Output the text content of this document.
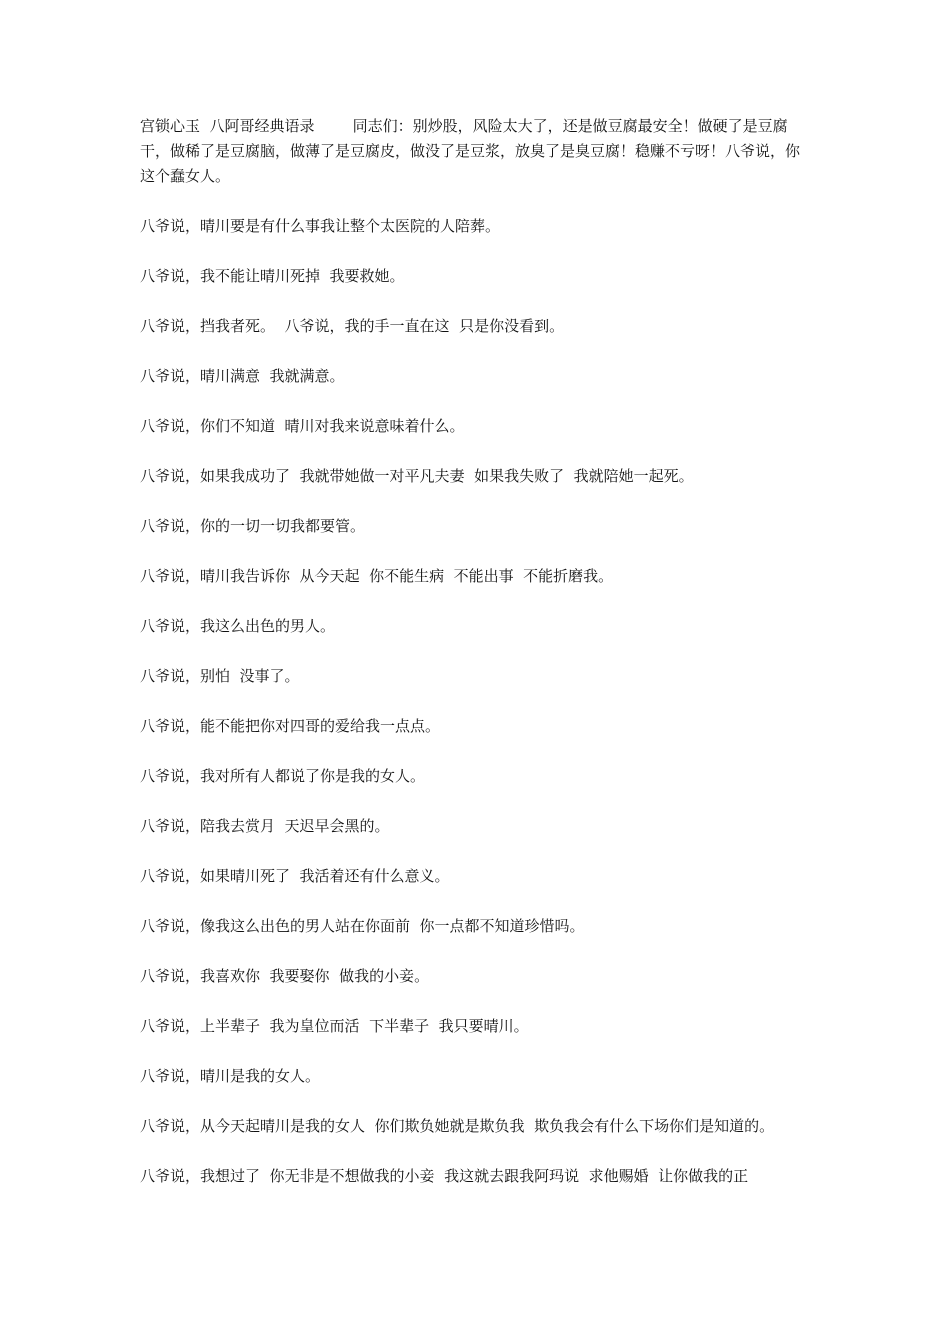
宫锁心玉  八阿哥经典语录        同志们：别炒股，风险太大了，还是做豆腐最安全！做硬了是豆腐干，做稀了是豆腐脑，做薄了是豆腐皮，做没了是豆浆，放臭了是臭豆腐！稳赚不亏呀！八爷说，你这个蠢女人。

八爷说，晴川要是有什么事我让整个太医院的人陪葬。

八爷说，我不能让晴川死掉  我要救她。

八爷说，挡我者死。  八爷说，我的手一直在这  只是你没看到。

八爷说，晴川满意  我就满意。

八爷说，你们不知道  晴川对我来说意味着什么。

八爷说，如果我成功了  我就带她做一对平凡夫妻  如果我失败了  我就陪她一起死。

八爷说，你的一切一切我都要管。

八爷说，晴川我告诉你  从今天起  你不能生病  不能出事  不能折磨我。

八爷说，我这么出色的男人。

八爷说，别怕  没事了。

八爷说，能不能把你对四哥的爱给我一点点。

八爷说，我对所有人都说了你是我的女人。

八爷说，陪我去赏月  天迟早会黑的。

八爷说，如果晴川死了  我活着还有什么意义。

八爷说，像我这么出色的男人站在你面前  你一点都不知道珍惜吗。

八爷说，我喜欢你  我要娶你  做我的小妾。

八爷说，上半辈子  我为皇位而活  下半辈子  我只要晴川。

八爷说，晴川是我的女人。

八爷说，从今天起晴川是我的女人  你们欺负她就是欺负我  欺负我会有什么下场你们是知道的。

八爷说，我想过了  你无非是不想做我的小妾  我这就去跟我阿玛说  求他赐婚  让你做我的正
